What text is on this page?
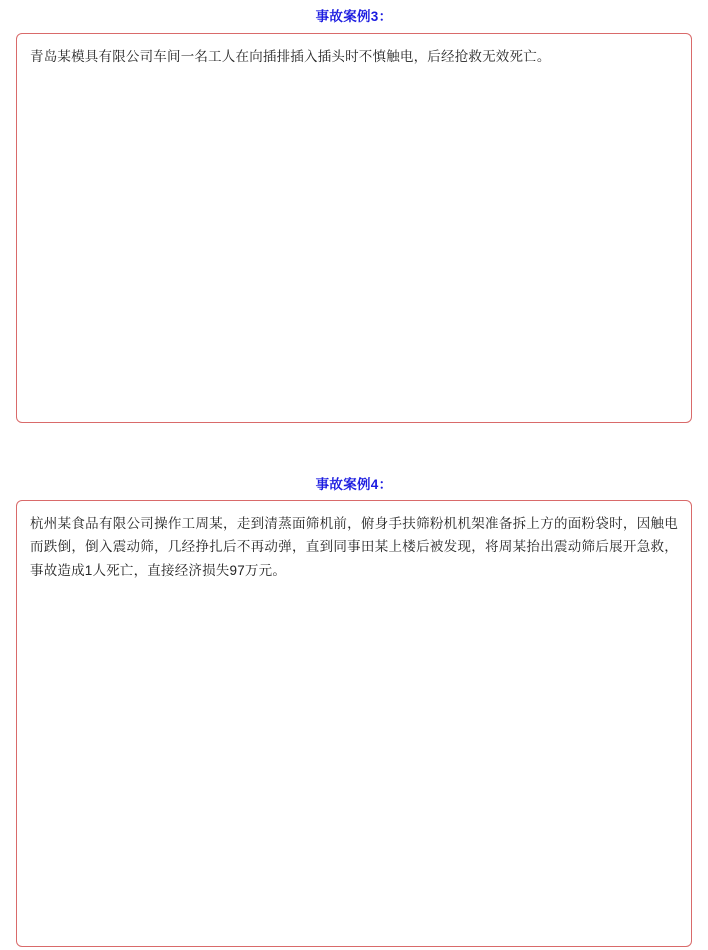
事故案例3：

青岛某模具有限公司车间一名工人在向插排插入插头时不慎触电，后经抢救无效死亡。

事故案例4：

杭州某食品有限公司操作工周某，走到清蒸面筛机前，俯身手扶筛粉机机架准备拆上方的面粉袋时，因触电而跌倒，倒入震动筛，几经挣扎后不再动弹，直到同事田某上楼后被发现，将周某抬出震动筛后展开急救，事故造成1人死亡，直接经济损失97万元。
